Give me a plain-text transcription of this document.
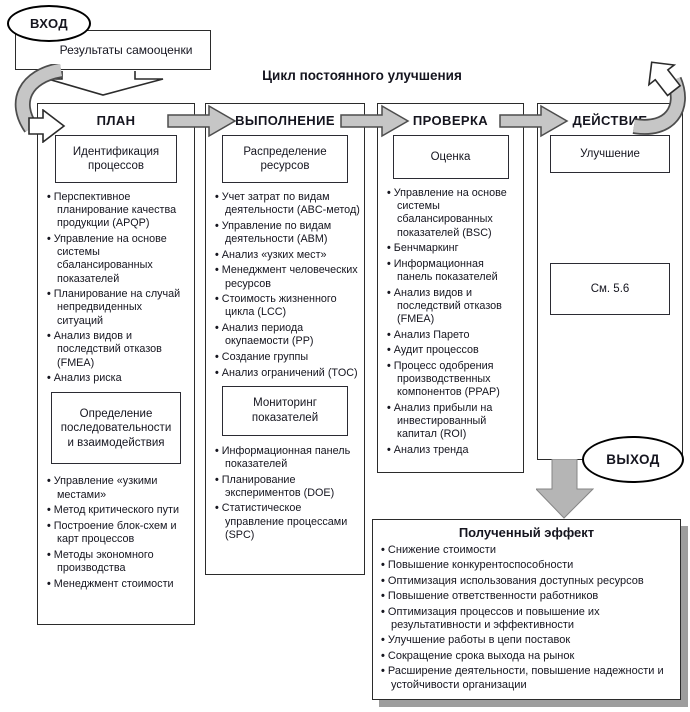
Результаты самооценки
ВХОД
Цикл постоянного улучшения
ПЛАН
Идентификация процессов
• Перспективное планирование качества продукции (APQP)
• Управление на основе системы сбалансированных показателей
• Планирование на случай непредвиденных ситуаций
• Анализ видов и последствий отказов (FMEA)
• Анализ риска
Определение последовательности и взаимодействия
• Управление «узкими местами»
• Метод критического пути
• Построение блок-схем и карт процессов
• Методы экономного производства
• Менеджмент стоимости
ВЫПОЛНЕНИЕ
Распределение ресурсов
• Учет затрат по видам деятельности (ABC-метод)
• Управление по видам деятельности (ABM)
• Анализ «узких мест»
• Менеджмент человеческих ресурсов
• Стоимость жизненного цикла (LCC)
• Анализ периода окупаемости (PP)
• Создание группы
• Анализ ограничений (TOC)
Мониторинг показателей
• Информационная панель показателей
• Планирование экспериментов (DOE)
• Статистическое управление процессами (SPC)
ПРОВЕРКА
Оценка
• Управление на основе системы сбалансированных показателей (BSC)
• Бенчмаркинг
• Информационная панель показателей
• Анализ видов и последствий отказов (FMEA)
• Анализ Парето
• Аудит процессов
• Процесс одобрения производственных компонентов (PPAP)
• Анализ прибыли на инвестированный капитал (ROI)
• Анализ тренда
ДЕЙСТВИЕ
Улучшение
См. 5.6
ВЫХОД
Полученный эффект
• Снижение стоимости
• Повышение конкурентоспособности
• Оптимизация использования доступных ресурсов
• Повышение ответственности работников
• Оптимизация процессов и повышение их результативности и эффективности
• Улучшение работы в цепи поставок
• Сокращение срока выхода на рынок
• Расширение деятельности, повышение надежности и устойчивости организации
